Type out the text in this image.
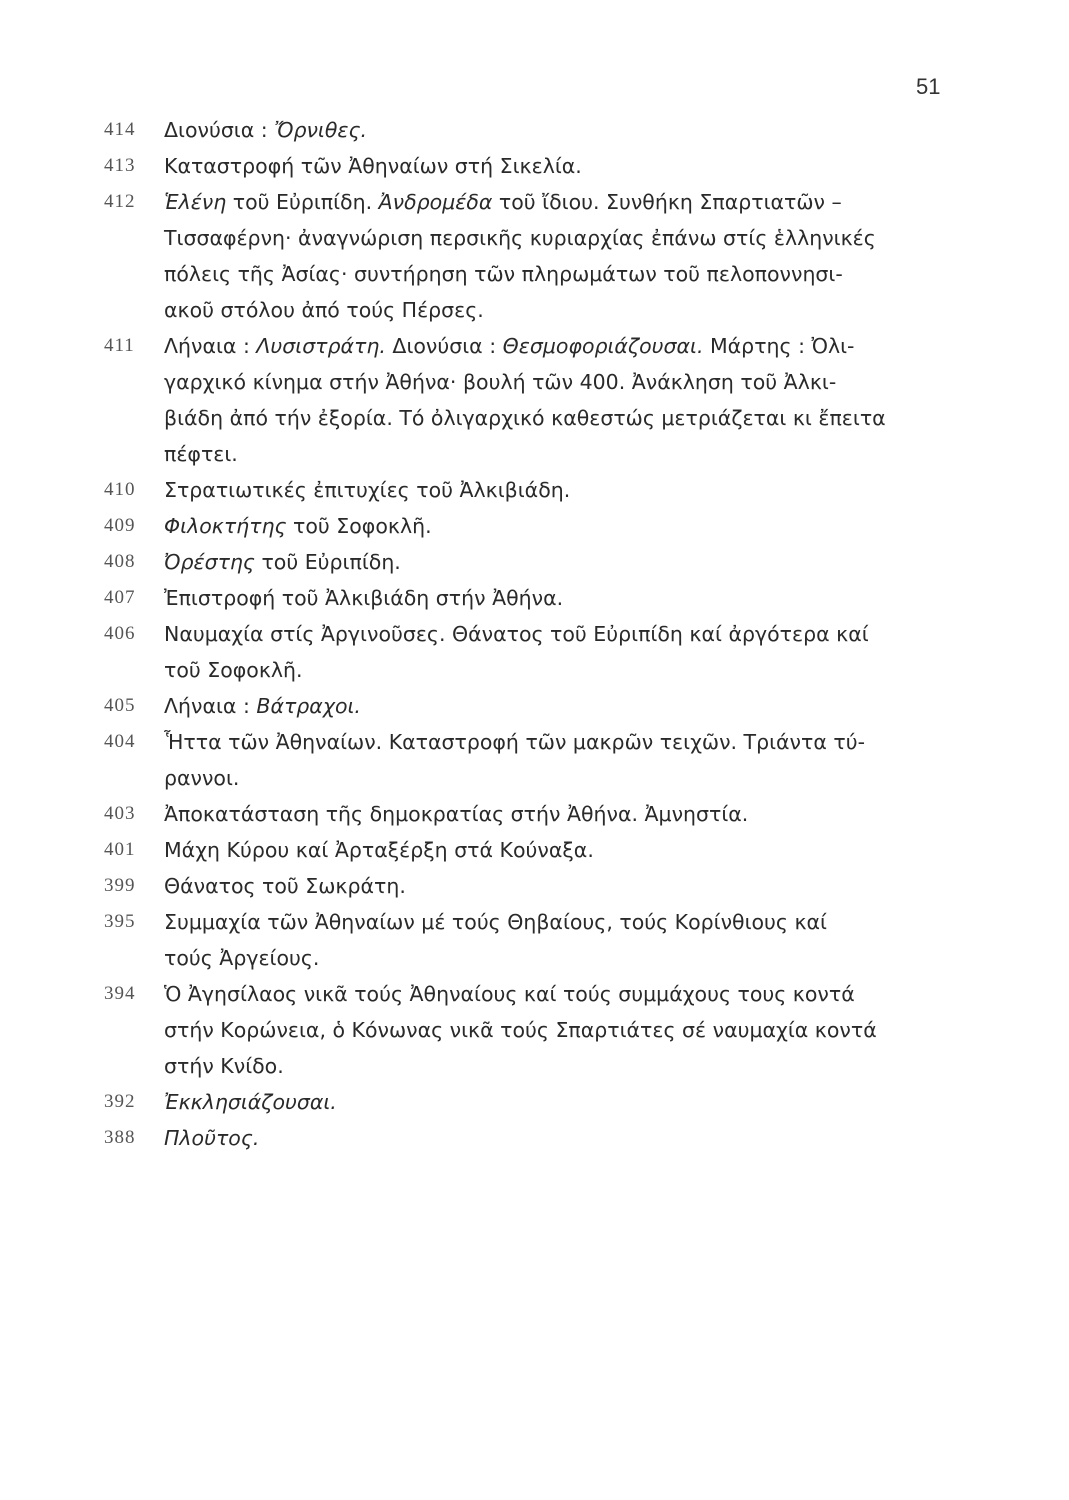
51
414	Διονύσια : Ὄρνιθες.
413	Καταστροφή τῶν Ἀθηναίων στή Σικελία.
412	Ἑλένη τοῦ Εὐριπίδη. Ἀνδρομέδα τοῦ ἴδιου. Συνθήκη Σπαρτιατῶν –
Τισσαφέρνη· ἀναγνώριση περσικῆς κυριαρχίας ἐπάνω στίς ἑλληνικές
πόλεις τῆς Ἀσίας· συντήρηση τῶν πληρωμάτων τοῦ πελοποννησι-
ακοῦ στόλου ἀπό τούς Πέρσες.
411	Λήναια : Λυσιστράτη. Διονύσια : Θεσμοφοριάζουσαι. Μάρτης : Ὀλι-
γαρχικό κίνημα στήν Ἀθήνα· βουλή τῶν 400. Ἀνάκληση τοῦ Ἀλκι-
βιάδη ἀπό τήν ἐξορία. Τό ὀλιγαρχικό καθεστώς μετριάζεται κι ἔπειτα
πέφτει.
410	Στρατιωτικές ἐπιτυχίες τοῦ Ἀλκιβιάδη.
409	Φιλοκτήτης τοῦ Σοφοκλῆ.
408	Ὀρέστης τοῦ Εὐριπίδη.
407	Ἐπιστροφή τοῦ Ἀλκιβιάδη στήν Ἀθήνα.
406	Ναυμαχία στίς Ἀργινοῦσες. Θάνατος τοῦ Εὐριπίδη καί ἀργότερα καί
τοῦ Σοφοκλῆ.
405	Λήναια : Βάτραχοι.
404	Ἧττα τῶν Ἀθηναίων. Καταστροφή τῶν μακρῶν τειχῶν. Τριάντα τύ-
ραννοι.
403	Ἀποκατάσταση τῆς δημοκρατίας στήν Ἀθήνα. Ἀμνηστία.
401	Μάχη Κύρου καί Ἀρταξέρξη στά Κούναξα.
399	Θάνατος τοῦ Σωκράτη.
395	Συμμαχία τῶν Ἀθηναίων μέ τούς Θηβαίους, τούς Κορίνθιους καί
τούς Ἀργείους.
394	Ὁ Ἀγησίλαος νικᾶ τούς Ἀθηναίους καί τούς συμμάχους τους κοντά
στήν Κορώνεια, ὁ Κόνωνας νικᾶ τούς Σπαρτιάτες σέ ναυμαχία κοντά
στήν Κνίδο.
392	Ἐκκλησιάζουσαι.
388	Πλοῦτος.
